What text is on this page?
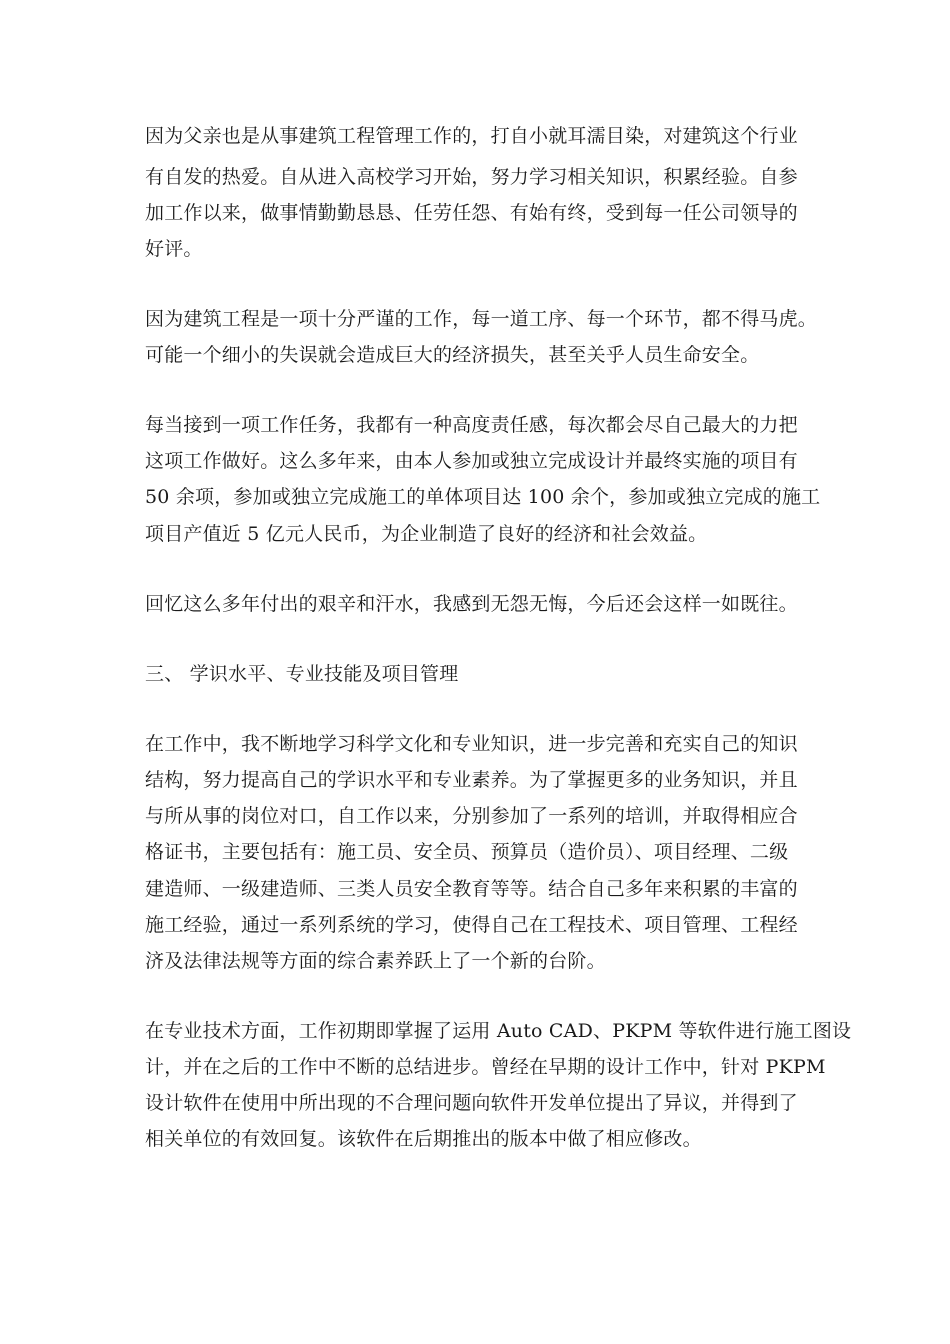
因为父亲也是从事建筑工程管理工作的，打自小就耳濡目染，对建筑这个行业

有自发的热爱。自从进入高校学习开始，努力学习相关知识，积累经验。自参

加工作以来，做事情勤勤恳恳、任劳任怨、有始有终，受到每一任公司领导的

好评。

因为建筑工程是一项十分严谨的工作，每一道工序、每一个环节，都不得马虎。

可能一个细小的失误就会造成巨大的经济损失，甚至关乎人员生命安全。

每当接到一项工作任务，我都有一种高度责任感，每次都会尽自己最大的力把

这项工作做好。这么多年来，由本人参加或独立完成设计并最终实施的项目有

50 余项，参加或独立完成施工的单体项目达 100 余个，参加或独立完成的施工

项目产值近 5 亿元人民币，为企业制造了良好的经济和社会效益。

回忆这么多年付出的艰辛和汗水，我感到无怨无悔，今后还会这样一如既往。

三、 学识水平、专业技能及项目管理

在工作中，我不断地学习科学文化和专业知识，进一步完善和充实自己的知识

结构，努力提高自己的学识水平和专业素养。为了掌握更多的业务知识，并且

与所从事的岗位对口，自工作以来，分别参加了一系列的培训，并取得相应合

格证书，主要包括有：施工员、安全员、预算员（造价员）、项目经理、二级

建造师、一级建造师、三类人员安全教育等等。结合自己多年来积累的丰富的

施工经验，通过一系列系统的学习，使得自己在工程技术、项目管理、工程经

济及法律法规等方面的综合素养跃上了一个新的台阶。

在专业技术方面，工作初期即掌握了运用 Auto CAD、PKPM 等软件进行施工图设

计，并在之后的工作中不断的总结进步。曾经在早期的设计工作中，针对 PKPM

设计软件在使用中所出现的不合理问题向软件开发单位提出了异议，并得到了

相关单位的有效回复。该软件在后期推出的版本中做了相应修改。
